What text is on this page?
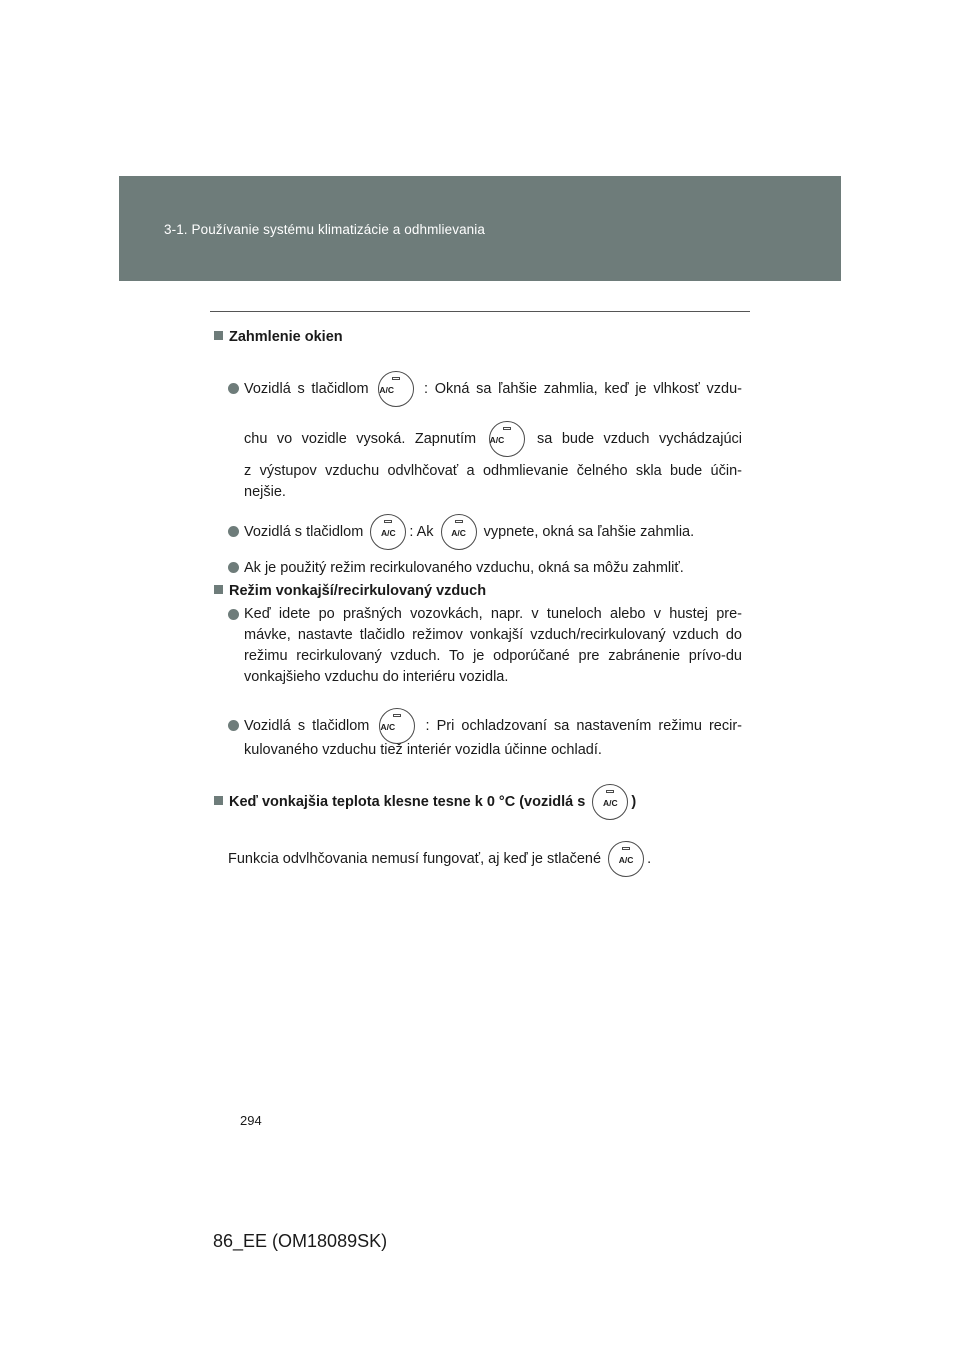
3-1. Používanie systému klimatizácie a odhmlievania
Zahmlenie okien
Vozidlá s tlačidlom A/C	: Okná sa ľahšie zahmlia, keď je vlhkosť vzdu-
chu vo vozidle vysoká. Zapnutím A/C	sa bude vzduch vychádzajúci
z výstupov vzduchu odvlhčovať a odhmlievanie čelného skla bude účin-nejšie.
Vozidlá s tlačidlom	A/C : Ak	A/C	vypnete, okná sa ľahšie zahmlia.
Ak je použitý režim recirkulovaného vzduchu, okná sa môžu zahmliť.
Režim vonkajší/recirkulovaný vzduch
Keď idete po prašných vozovkách, napr. v tuneloch alebo v hustej pre-mávke, nastavte tlačidlo režimov vonkajší vzduch/recirkulovaný vzduch do režimu recirkulovaný vzduch. To je odporúčané pre zabránenie prívo-du vonkajšieho vzduchu do interiéru vozidla.
Vozidlá s tlačidlom A/C	: Pri ochladzovaní sa nastavením režimu recir-
kulovaného vzduchu tiež interiér vozidla účinne ochladí.
Keď vonkajšia teplota klesne tesne k 0 °C (vozidlá s	A/C )
Funkcia odvlhčovania nemusí fungovať, aj keď je stlačené	A/C .
294
86_EE (OM18089SK)
